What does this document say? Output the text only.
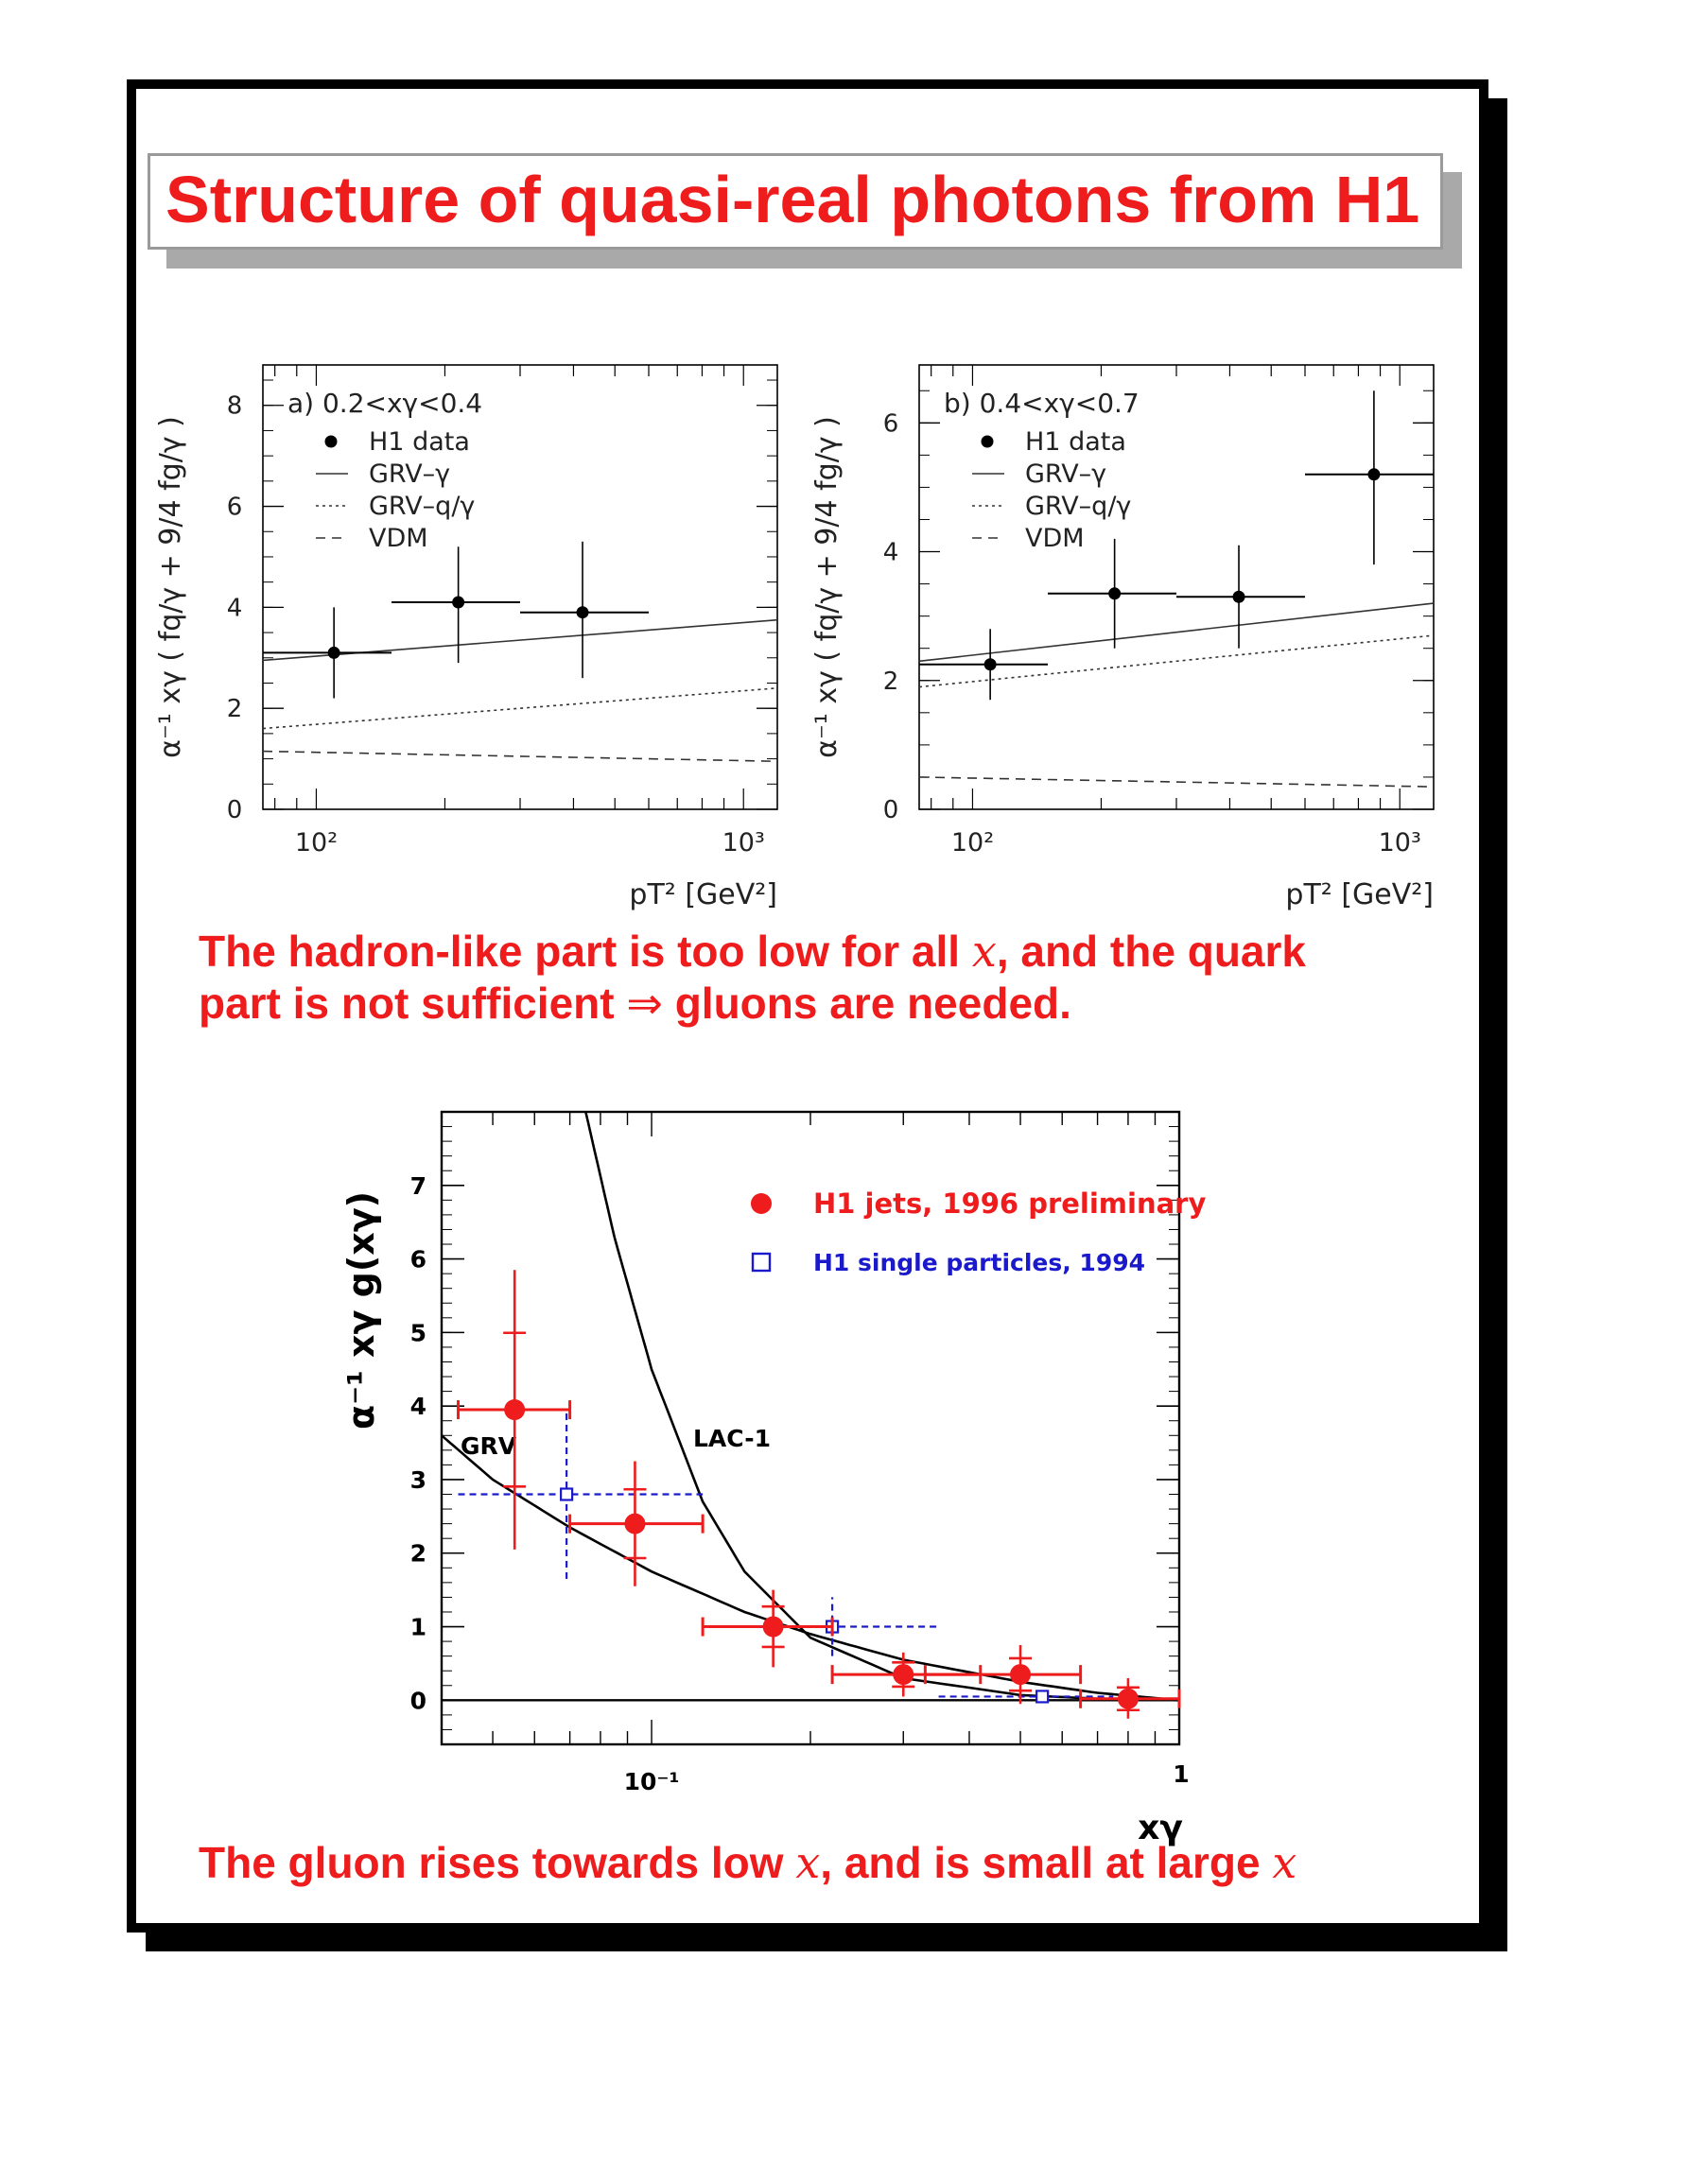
Structure of quasi-real photons from H1
0
2
4
6
8
10²	10³
pT² [GeV²]
α⁻¹ xγ ( fq/γ + 9/4 fg/γ )
a) 0.2<xγ<0.4
H1 data
GRV–γ
GRV–q/γ
VDM
0
2
4
6
10²	10³
pT² [GeV²]
α⁻¹ xγ ( fq/γ + 9/4 fg/γ )
b) 0.4<xγ<0.7
H1 data
GRV–γ
GRV–q/γ
VDM
0
1
2
3
4
5
6
7
10⁻¹	1
xγ
α⁻¹ xγ g(xγ)
GRV	LAC-1
H1 jets, 1996 preliminary
H1 single particles, 1994
The hadron-like part is too low for all x, and the quark
part is not sufficient ⇒ gluons are needed.
The gluon rises towards low x, and is small at large x
